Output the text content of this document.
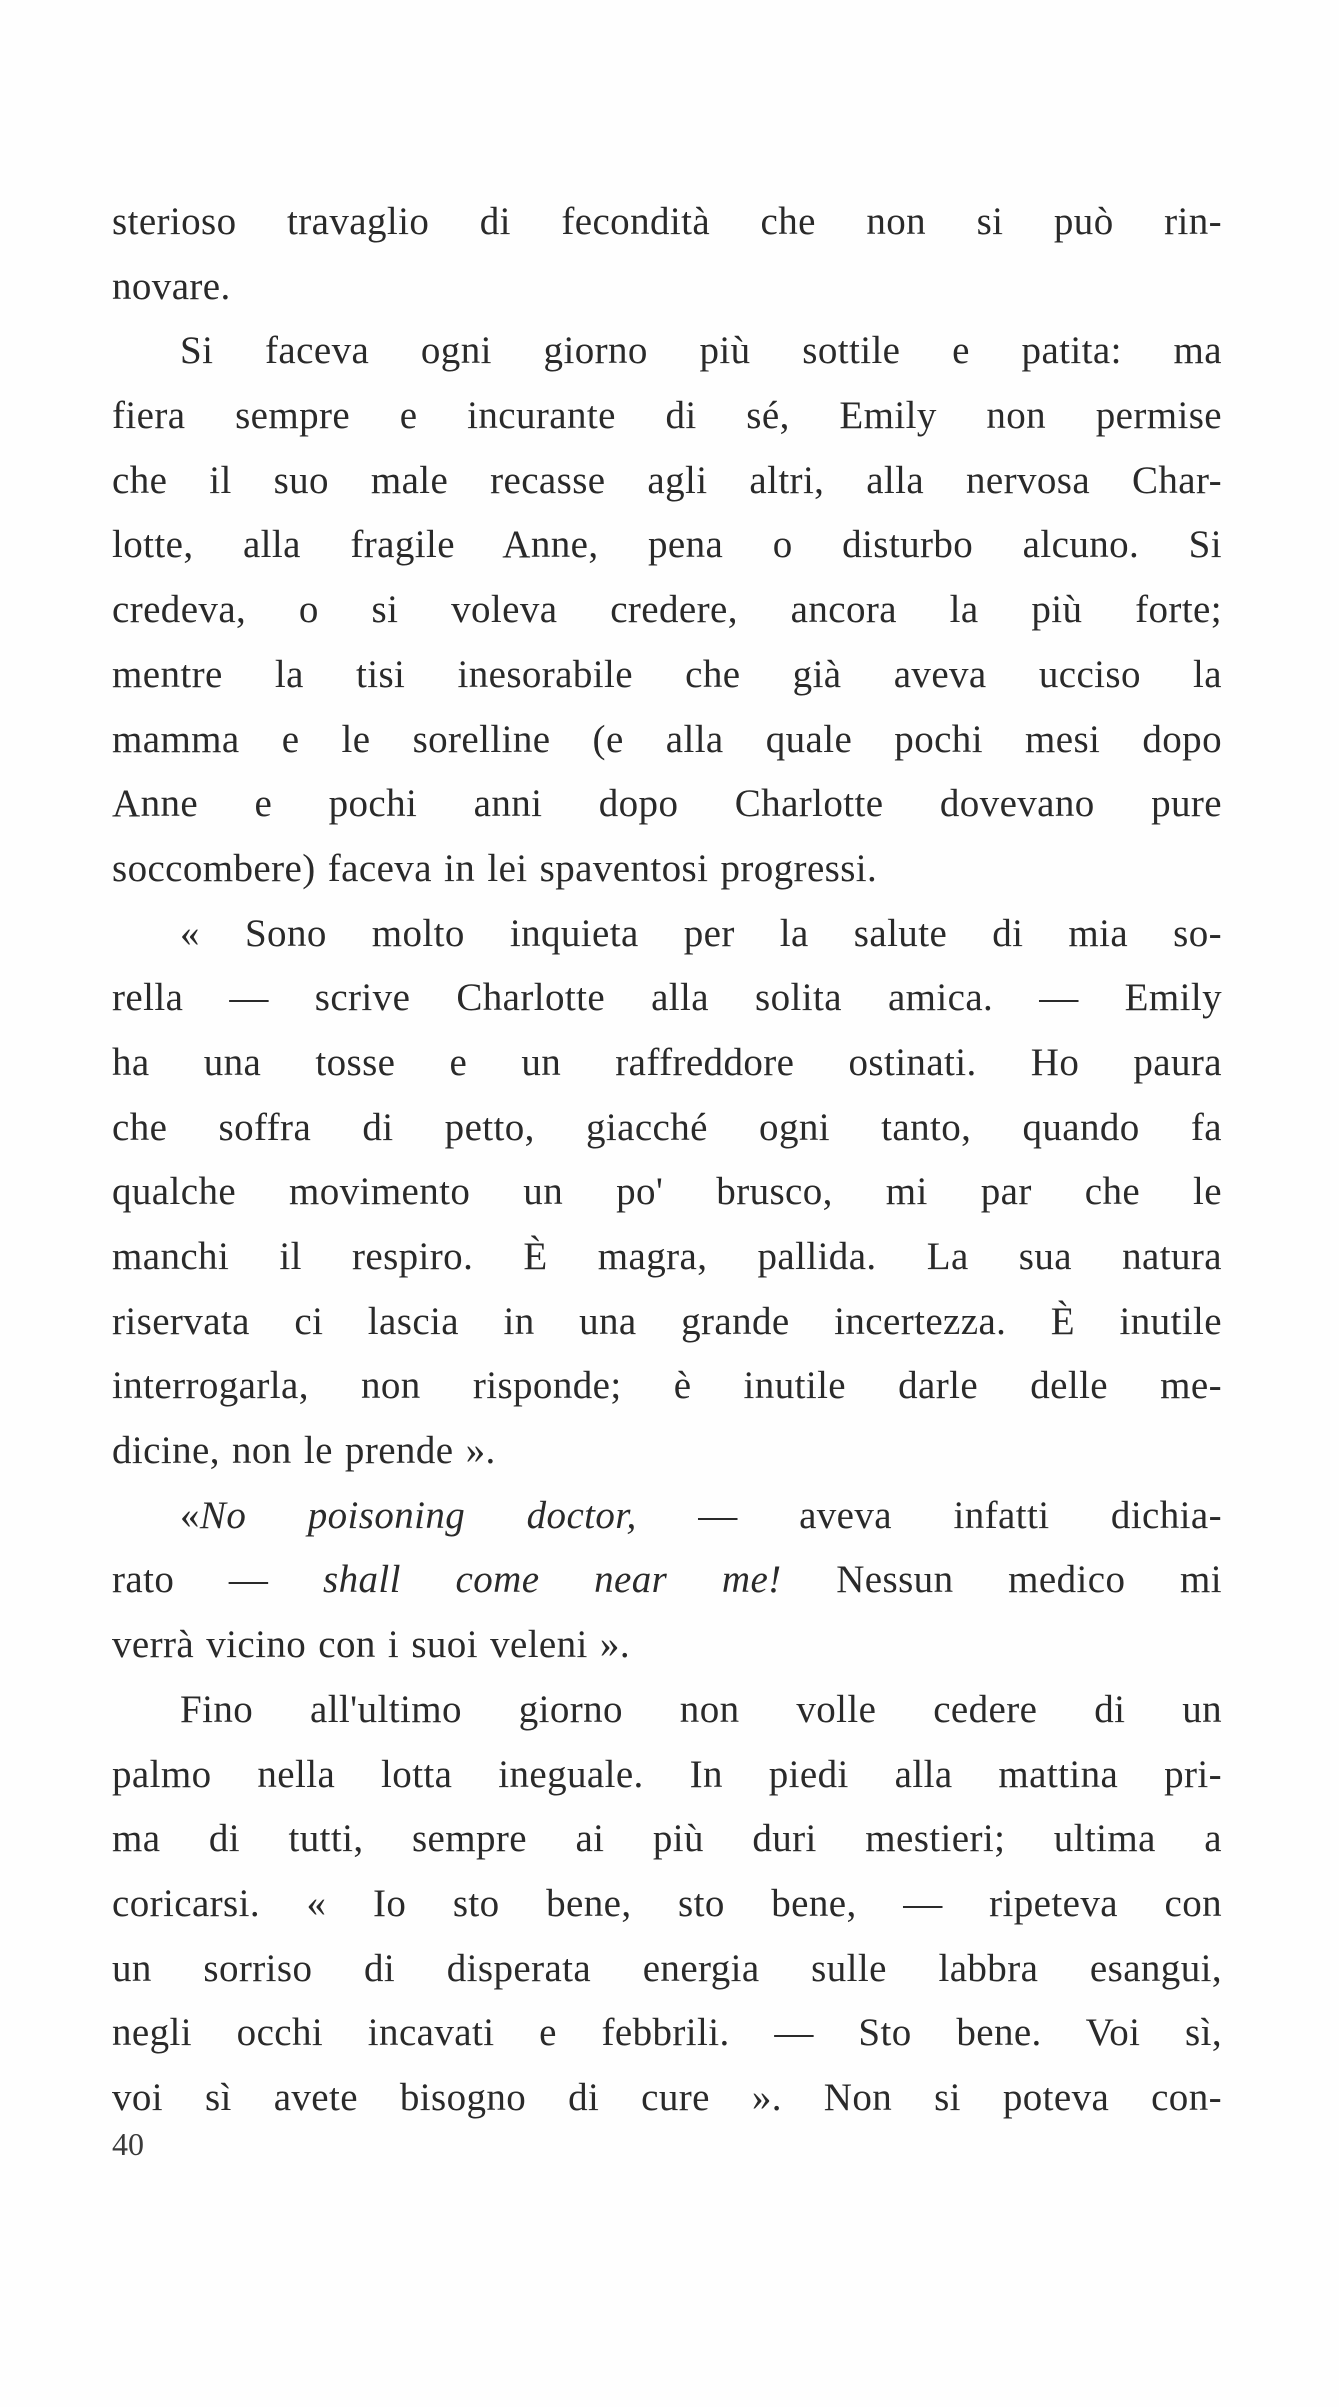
sterioso travaglio di fecondità che non si può rin-
novare.
Si faceva ogni giorno più sottile e patita: ma
fiera sempre e incurante di sé, Emily non permise
che il suo male recasse agli altri, alla nervosa Char-
lotte, alla fragile Anne, pena o disturbo alcuno. Si
credeva, o si voleva credere, ancora la più forte;
mentre la tisi inesorabile che già aveva ucciso la
mamma e le sorelline (e alla quale pochi mesi dopo
Anne e pochi anni dopo Charlotte dovevano pure
soccombere) faceva in lei spaventosi progressi.
« Sono molto inquieta per la salute di mia so-
rella — scrive Charlotte alla solita amica. — Emily
ha una tosse e un raffreddore ostinati. Ho paura
che soffra di petto, giacché ogni tanto, quando fa
qualche movimento un po' brusco, mi par che le
manchi il respiro. È magra, pallida. La sua natura
riservata ci lascia in una grande incertezza. È inutile
interrogarla, non risponde; è inutile darle delle me-
dicine, non le prende ».
«No poisoning doctor, — aveva infatti dichia-
rato — shall come near me! Nessun medico mi
verrà vicino con i suoi veleni ».
Fino all'ultimo giorno non volle cedere di un
palmo nella lotta ineguale. In piedi alla mattina pri-
ma di tutti, sempre ai più duri mestieri; ultima a
coricarsi. « Io sto bene, sto bene, — ripeteva con
un sorriso di disperata energia sulle labbra esangui,
negli occhi incavati e febbrili. — Sto bene. Voi sì,
voi sì avete bisogno di cure ». Non si poteva con-
40
